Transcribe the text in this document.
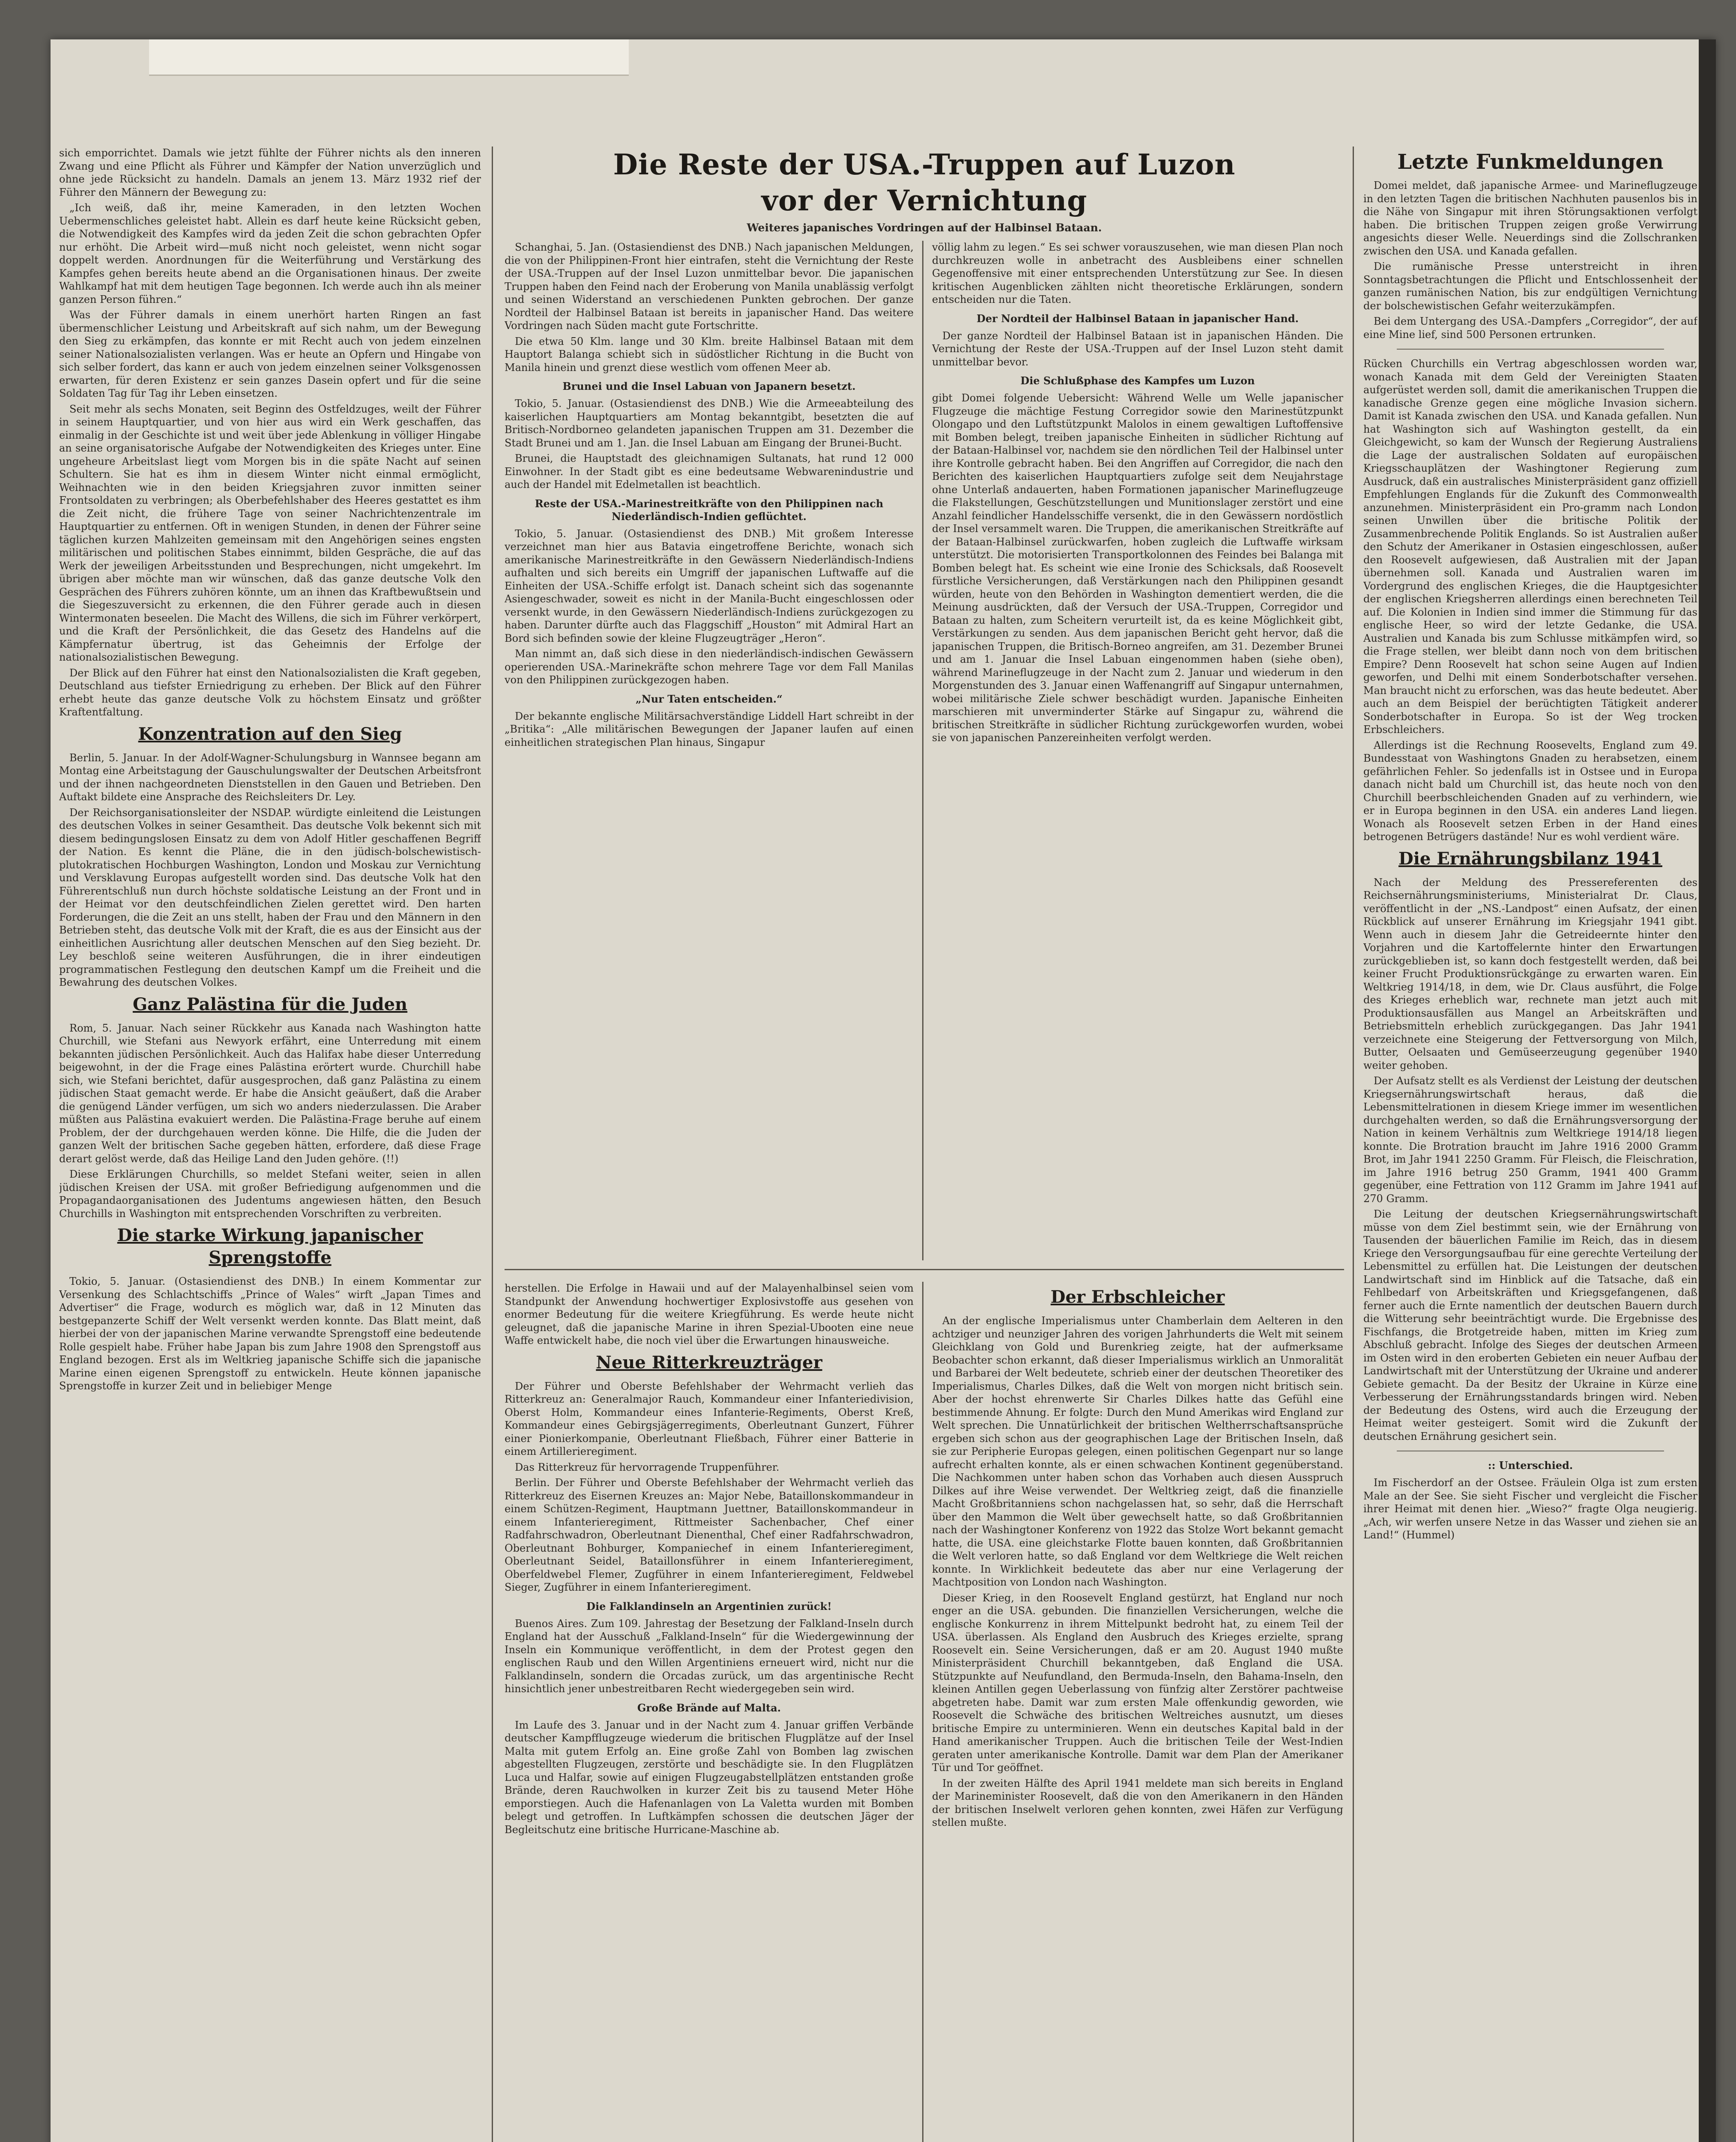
sich emporrichtet. Damals wie jetzt fühlte der Führer nichts als den inneren Zwang und eine Pflicht als Führer und Kämpfer der Nation unverzüglich und ohne jede Rücksicht zu handeln. Damals an jenem 13. März 1932 rief der Führer den Männern der Bewegung zu:

„Ich weiß, daß ihr, meine Kameraden, in den letzten Wochen Uebermenschliches geleistet habt. Allein es darf heute keine Rücksicht geben, die Notwendigkeit des Kampfes wird da jeden Zeit die schon gebrachten Opfer nur erhöht. Die Arbeit wird—muß nicht noch geleistet, wenn nicht sogar doppelt werden. Anordnungen für die Weiterführung und Verstärkung des Kampfes gehen bereits heute abend an die Organisationen hinaus. Der zweite Wahlkampf hat mit dem heutigen Tage begonnen. Ich werde auch ihn als meiner ganzen Person führen.“

Was der Führer damals in einem unerhört harten Ringen an fast übermenschlicher Leistung und Arbeitskraft auf sich nahm, um der Bewegung den Sieg zu erkämpfen, das konnte er mit Recht auch von jedem einzelnen seiner Nationalsozialisten verlangen. Was er heute an Opfern und Hingabe von sich selber fordert, das kann er auch von jedem einzelnen seiner Volksgenossen erwarten, für deren Existenz er sein ganzes Dasein opfert und für die seine Soldaten Tag für Tag ihr Leben einsetzen.

Seit mehr als sechs Monaten, seit Beginn des Ostfeldzuges, weilt der Führer in seinem Hauptquartier, und von hier aus wird ein Werk geschaffen, das einmalig in der Geschichte ist und weit über jede Ablenkung in völliger Hingabe an seine organisatorische Aufgabe der Notwendigkeiten des Krieges unter. Eine ungeheure Arbeitslast liegt vom Morgen bis in die späte Nacht auf seinen Schultern. Sie hat es ihm in diesem Winter nicht einmal ermöglicht, Weihnachten wie in den beiden Kriegsjahren zuvor inmitten seiner Frontsoldaten zu verbringen; als Oberbefehlshaber des Heeres gestattet es ihm die Zeit nicht, die frühere Tage von seiner Nachrichtenzentrale im Hauptquartier zu entfernen. Oft in wenigen Stunden, in denen der Führer seine täglichen kurzen Mahlzeiten gemeinsam mit den Angehörigen seines engsten militärischen und politischen Stabes einnimmt, bilden Gespräche, die auf das Werk der jeweiligen Arbeitsstunden und Besprechungen, nicht umgekehrt. Im übrigen aber möchte man wir wünschen, daß das ganze deutsche Volk den Gesprächen des Führers zuhören könnte, um an ihnen das Kraftbewußtsein und die Siegeszuversicht zu erkennen, die den Führer gerade auch in diesen Wintermonaten beseelen. Die Macht des Willens, die sich im Führer verkörpert, und die Kraft der Persönlichkeit, die das Gesetz des Handelns auf die Kämpfernatur übertrug, ist das Geheimnis der Erfolge der nationalsozialistischen Bewegung.

Der Blick auf den Führer hat einst den Nationalsozialisten die Kraft gegeben, Deutschland aus tiefster Erniedrigung zu erheben. Der Blick auf den Führer erhebt heute das ganze deutsche Volk zu höchstem Einsatz und größter Kraftentfaltung.

Konzentration auf den Sieg

Berlin, 5. Januar. In der Adolf-Wagner-Schulungsburg in Wannsee begann am Montag eine Arbeitstagung der Gauschulungswalter der Deutschen Arbeitsfront und der ihnen nachgeordneten Dienststellen in den Gauen und Betrieben. Den Auftakt bildete eine Ansprache des Reichsleiters Dr. Ley.

Der Reichsorganisationsleiter der NSDAP. würdigte einleitend die Leistungen des deutschen Volkes in seiner Gesamtheit. Das deutsche Volk bekennt sich mit diesem bedingungslosen Einsatz zu dem von Adolf Hitler geschaffenen Begriff der Nation. Es kennt die Pläne, die in den jüdisch-bolschewistisch-plutokratischen Hochburgen Washington, London und Moskau zur Vernichtung und Versklavung Europas aufgestellt worden sind. Das deutsche Volk hat den Führerentschluß nun durch höchste soldatische Leistung an der Front und in der Heimat vor den deutschfeindlichen Zielen gerettet wird. Den harten Forderungen, die die Zeit an uns stellt, haben der Frau und den Männern in den Betrieben steht, das deutsche Volk mit der Kraft, die es aus der Einsicht aus der einheitlichen Ausrichtung aller deutschen Menschen auf den Sieg bezieht. Dr. Ley beschloß seine weiteren Ausführungen, die in ihrer eindeutigen programmatischen Festlegung den deutschen Kampf um die Freiheit und die Bewahrung des deutschen Volkes.

Ganz Palästina für die Juden

Rom, 5. Januar. Nach seiner Rückkehr aus Kanada nach Washington hatte Churchill, wie Stefani aus Newyork erfährt, eine Unterredung mit einem bekannten jüdischen Persönlichkeit. Auch das Halifax habe dieser Unterredung beigewohnt, in der die Frage eines Palästina erörtert wurde. Churchill habe sich, wie Stefani berichtet, dafür ausgesprochen, daß ganz Palästina zu einem jüdischen Staat gemacht werde. Er habe die Ansicht geäußert, daß die Araber die genügend Länder verfügen, um sich wo anders niederzulassen. Die Araber müßten aus Palästina evakuiert werden. Die Palästina-Frage beruhe auf einem Problem, der der durchgehauen werden könne. Die Hilfe, die die Juden der ganzen Welt der britischen Sache gegeben hätten, erfordere, daß diese Frage derart gelöst werde, daß das Heilige Land den Juden gehöre. (!!)

Diese Erklärungen Churchills, so meldet Stefani weiter, seien in allen jüdischen Kreisen der USA. mit großer Befriedigung aufgenommen und die Propagandaorganisationen des Judentums angewiesen hätten, den Besuch Churchills in Washington mit entsprechenden Vorschriften zu verbreiten.

Die starke Wirkung japanischer Sprengstoffe

Tokio, 5. Januar. (Ostasiendienst des DNB.) In einem Kommentar zur Versenkung des Schlachtschiffs „Prince of Wales“ wirft „Japan Times and Advertiser“ die Frage, wodurch es möglich war, daß in 12 Minuten das bestgepanzerte Schiff der Welt versenkt werden konnte. Das Blatt meint, daß hierbei der von der japanischen Marine verwandte Sprengstoff eine bedeutende Rolle gespielt habe. Früher habe Japan bis zum Jahre 1908 den Sprengstoff aus England bezogen. Erst als im Weltkrieg japanische Schiffe sich die japanische Marine einen eigenen Sprengstoff zu entwickeln. Heute können japanische Sprengstoffe in kurzer Zeit und in beliebiger Menge

Die Reste der USA.-Truppen auf Luzon
vor der Vernichtung
Weiteres japanisches Vordringen auf der Halbinsel Bataan.

Schanghai, 5. Jan. (Ostasiendienst des DNB.) Nach japanischen Meldungen, die von der Philippinen-Front hier eintrafen, steht die Vernichtung der Reste der USA.-Truppen auf der Insel Luzon unmittelbar bevor. Die japanischen Truppen haben den Feind nach der Eroberung von Manila unablässig verfolgt und seinen Widerstand an verschiedenen Punkten gebrochen. Der ganze Nordteil der Halbinsel Bataan ist bereits in japanischer Hand. Das weitere Vordringen nach Süden macht gute Fortschritte.

Die etwa 50 Klm. lange und 30 Klm. breite Halbinsel Bataan mit dem Hauptort Balanga schiebt sich in südöstlicher Richtung in die Bucht von Manila hinein und grenzt diese westlich vom offenen Meer ab.

Brunei und die Insel Labuan von Japanern besetzt.

Tokio, 5. Januar. (Ostasiendienst des DNB.) Wie die Armeeabteilung des kaiserlichen Hauptquartiers am Montag bekanntgibt, besetzten die auf Britisch-Nordborneo gelandeten japanischen Truppen am 31. Dezember die Stadt Brunei und am 1. Jan. die Insel Labuan am Eingang der Brunei-Bucht.

Brunei, die Hauptstadt des gleichnamigen Sultanats, hat rund 12 000 Einwohner. In der Stadt gibt es eine bedeutsame Webwarenindustrie und auch der Handel mit Edelmetallen ist beachtlich.

Reste der USA.-Marinestreitkräfte von den Philippinen nach Niederländisch-Indien geflüchtet.

Tokio, 5. Januar. (Ostasiendienst des DNB.) Mit großem Interesse verzeichnet man hier aus Batavia eingetroffene Berichte, wonach sich amerikanische Marinestreitkräfte in den Gewässern Niederländisch-Indiens aufhalten und sich bereits ein Umgriff der japanischen Luftwaffe auf die Einheiten der USA.-Schiffe erfolgt ist. Danach scheint sich das sogenannte Asiengeschwader, soweit es nicht in der Manila-Bucht eingeschlossen oder versenkt wurde, in den Gewässern Niederländisch-Indiens zurückgezogen zu haben. Darunter dürfte auch das Flaggschiff „Houston“ mit Admiral Hart an Bord sich befinden sowie der kleine Flugzeugträger „Heron“.

Man nimmt an, daß sich diese in den niederländisch-indischen Gewässern operierenden USA.-Marinekräfte schon mehrere Tage vor dem Fall Manilas von den Philippinen zurückgezogen haben.

„Nur Taten entscheiden.“

Der bekannte englische Militärsachverständige Liddell Hart schreibt in der „Britika“: „Alle militärischen Bewegungen der Japaner laufen auf einen einheitlichen strategischen Plan hinaus, Singapur

völlig lahm zu legen.“ Es sei schwer vorauszusehen, wie man diesen Plan noch durchkreuzen wolle in anbetracht des Ausbleibens einer schnellen Gegenoffensive mit einer entsprechenden Unterstützung zur See. In diesen kritischen Augenblicken zählten nicht theoretische Erklärungen, sondern entscheiden nur die Taten.

Der Nordteil der Halbinsel Bataan in japanischer Hand.

Der ganze Nordteil der Halbinsel Bataan ist in japanischen Händen. Die Vernichtung der Reste der USA.-Truppen auf der Insel Luzon steht damit unmittelbar bevor.

Die Schlußphase des Kampfes um Luzon

gibt Domei folgende Uebersicht: Während Welle um Welle japanischer Flugzeuge die mächtige Festung Corregidor sowie den Marinestützpunkt Olongapo und den Luftstützpunkt Malolos in einem gewaltigen Luftoffensive mit Bomben belegt, treiben japanische Einheiten in südlicher Richtung auf der Bataan-Halbinsel vor, nachdem sie den nördlichen Teil der Halbinsel unter ihre Kontrolle gebracht haben. Bei den Angriffen auf Corregidor, die nach den Berichten des kaiserlichen Hauptquartiers zufolge seit dem Neujahrstage ohne Unterlaß andauerten, haben Formationen japanischer Marineflugzeuge die Flakstellungen, Geschützstellungen und Munitionslager zerstört und eine Anzahl feindlicher Handelsschiffe versenkt, die in den Gewässern nordöstlich der Insel versammelt waren. Die Truppen, die amerikanischen Streitkräfte auf der Bataan-Halbinsel zurückwarfen, hoben zugleich die Luftwaffe wirksam unterstützt. Die motorisierten Transportkolonnen des Feindes bei Balanga mit Bomben belegt hat. Es scheint wie eine Ironie des Schicksals, daß Roosevelt fürstliche Versicherungen, daß Verstärkungen nach den Philippinen gesandt würden, heute von den Behörden in Washington dementiert werden, die die Meinung ausdrückten, daß der Versuch der USA.-Truppen, Corregidor und Bataan zu halten, zum Scheitern verurteilt ist, da es keine Möglichkeit gibt, Verstärkungen zu senden. Aus dem japanischen Bericht geht hervor, daß die japanischen Truppen, die Britisch-Borneo angreifen, am 31. Dezember Brunei und am 1. Januar die Insel Labuan eingenommen haben (siehe oben), während Marineflugzeuge in der Nacht zum 2. Januar und wiederum in den Morgenstunden des 3. Januar einen Waffenangriff auf Singapur unternahmen, wobei militärische Ziele schwer beschädigt wurden. Japanische Einheiten marschieren mit unverminderter Stärke auf Singapur zu, während die britischen Streitkräfte in südlicher Richtung zurückgeworfen wurden, wobei sie von japanischen Panzereinheiten verfolgt werden.

herstellen. Die Erfolge in Hawaii und auf der Malayenhalbinsel seien vom Standpunkt der Anwendung hochwertiger Explosivstoffe aus gesehen von enormer Bedeutung für die weitere Kriegführung. Es werde heute nicht geleugnet, daß die japanische Marine in ihren Spezial-Ubooten eine neue Waffe entwickelt habe, die noch viel über die Erwartungen hinausweiche.

Neue Ritterkreuzträger

Der Führer und Oberste Befehlshaber der Wehrmacht verlieh das Ritterkreuz an: Generalmajor Rauch, Kommandeur einer Infanteriedivision, Oberst Holm, Kommandeur eines Infanterie-Regiments, Oberst Kreß, Kommandeur eines Gebirgsjägerregiments, Oberleutnant Gunzert, Führer einer Pionierkompanie, Oberleutnant Fließbach, Führer einer Batterie in einem Artillerieregiment.

Das Ritterkreuz für hervorragende Truppenführer.

Berlin. Der Führer und Oberste Befehlshaber der Wehrmacht verlieh das Ritterkreuz des Eisernen Kreuzes an: Major Nebe, Bataillonskommandeur in einem Schützen-Regiment, Hauptmann Juettner, Bataillonskommandeur in einem Infanterieregiment, Rittmeister Sachenbacher, Chef einer Radfahrschwadron, Oberleutnant Dienenthal, Chef einer Radfahrschwadron, Oberleutnant Bohburger, Kompaniechef in einem Infanterieregiment, Oberleutnant Seidel, Bataillonsführer in einem Infanterieregiment, Oberfeldwebel Flemer, Zugführer in einem Infanterieregiment, Feldwebel Sieger, Zugführer in einem Infanterieregiment.

Die Falklandinseln an Argentinien zurück!

Buenos Aires. Zum 109. Jahrestag der Besetzung der Falkland-Inseln durch England hat der Ausschuß „Falkland-Inseln“ für die Wiedergewinnung der Inseln ein Kommunique veröffentlicht, in dem der Protest gegen den englischen Raub und den Willen Argentiniens erneuert wird, nicht nur die Falklandinseln, sondern die Orcadas zurück, um das argentinische Recht hinsichtlich jener unbestreitbaren Recht wiedergegeben sein wird.

Große Brände auf Malta.

Im Laufe des 3. Januar und in der Nacht zum 4. Januar griffen Verbände deutscher Kampfflugzeuge wiederum die britischen Flugplätze auf der Insel Malta mit gutem Erfolg an. Eine große Zahl von Bomben lag zwischen abgestellten Flugzeugen, zerstörte und beschädigte sie. In den Flugplätzen Luca und Halfar, sowie auf einigen Flugzeugabstellplätzen entstanden große Brände, deren Rauchwolken in kurzer Zeit bis zu tausend Meter Höhe emporstiegen. Auch die Hafenanlagen von La Valetta wurden mit Bomben belegt und getroffen. In Luftkämpfen schossen die deutschen Jäger der Begleitschutz eine britische Hurricane-Maschine ab.

Der Erbschleicher

An der englische Imperialismus unter Chamberlain dem Aelteren in den achtziger und neunziger Jahren des vorigen Jahrhunderts die Welt mit seinem Gleichklang von Gold und Burenkrieg zeigte, hat der aufmerksame Beobachter schon erkannt, daß dieser Imperialismus wirklich an Unmoralität und Barbarei der Welt bedeutete, schrieb einer der deutschen Theoretiker des Imperialismus, Charles Dilkes, daß die Welt von morgen nicht britisch sein. Aber der hochst ehrenwerte Sir Charles Dilkes hatte das Gefühl eine bestimmende Ahnung. Er folgte: Durch den Mund Amerikas wird England zur Welt sprechen. Die Unnatürlichkeit der britischen Weltherrschaftsansprüche ergeben sich schon aus der geographischen Lage der Britischen Inseln, daß sie zur Peripherie Europas gelegen, einen politischen Gegenpart nur so lange aufrecht erhalten konnte, als er einen schwachen Kontinent gegenüberstand. Die Nachkommen unter haben schon das Vorhaben auch diesen Ausspruch Dilkes auf ihre Weise verwendet. Der Weltkrieg zeigt, daß die finanzielle Macht Großbritanniens schon nachgelassen hat, so sehr, daß die Herrschaft über den Mammon die Welt über gewechselt hatte, so daß Großbritannien nach der Washingtoner Konferenz von 1922 das Stolze Wort bekannt gemacht hatte, die USA. eine gleichstarke Flotte bauen konnten, daß Großbritannien die Welt verloren hatte, so daß England vor dem Weltkriege die Welt reichen konnte. In Wirklichkeit bedeutete das aber nur eine Verlagerung der Machtposition von London nach Washington.

Dieser Krieg, in den Roosevelt England gestürzt, hat England nur noch enger an die USA. gebunden. Die finanziellen Versicherungen, welche die englische Konkurrenz in ihrem Mittelpunkt bedroht hat, zu einem Teil der USA. überlassen. Als England den Ausbruch des Krieges erzielte, sprang Roosevelt ein. Seine Versicherungen, daß er am 20. August 1940 mußte Ministerpräsident Churchill bekanntgeben, daß England die USA. Stützpunkte auf Neufundland, den Bermuda-Inseln, den Bahama-Inseln, den kleinen Antillen gegen Ueberlassung von fünfzig alter Zerstörer pachtweise abgetreten habe. Damit war zum ersten Male offenkundig geworden, wie Roosevelt die Schwäche des britischen Weltreiches ausnutzt, um dieses britische Empire zu unterminieren. Wenn ein deutsches Kapital bald in der Hand amerikanischer Truppen. Auch die britischen Teile der West-Indien geraten unter amerikanische Kontrolle. Damit war dem Plan der Amerikaner Tür und Tor geöffnet.

In der zweiten Hälfte des April 1941 meldete man sich bereits in England der Marineminister Roosevelt, daß die von den Amerikanern in den Händen der britischen Inselwelt verloren gehen konnten, zwei Häfen zur Verfügung stellen mußte.

Letzte Funkmeldungen

Domei meldet, daß japanische Armee- und Marineflugzeuge in den letzten Tagen die britischen Nachhuten pausenlos bis in die Nähe von Singapur mit ihren Störungsaktionen verfolgt haben. Die britischen Truppen zeigen große Verwirrung angesichts dieser Welle. Neuerdings sind die Zollschranken zwischen den USA. und Kanada gefallen.

Die rumänische Presse unterstreicht in ihren Sonntagsbetrachtungen die Pflicht und Entschlossenheit der ganzen rumänischen Nation, bis zur endgültigen Vernichtung der bolschewistischen Gefahr weiterzukämpfen.

Bei dem Untergang des USA.-Dampfers „Corregidor“, der auf eine Mine lief, sind 500 Personen ertrunken.

Rücken Churchills ein Vertrag abgeschlossen worden war, wonach Kanada mit dem Geld der Vereinigten Staaten aufgerüstet werden soll, damit die amerikanischen Truppen die kanadische Grenze gegen eine mögliche Invasion sichern. Damit ist Kanada zwischen den USA. und Kanada gefallen. Nun hat Washington sich auf Washington gestellt, da ein Gleichgewicht, so kam der Wunsch der Regierung Australiens die Lage der australischen Soldaten auf europäischen Kriegsschauplätzen der Washingtoner Regierung zum Ausdruck, daß ein australisches Ministerpräsident ganz offiziell Empfehlungen Englands für die Zukunft des Commonwealth anzunehmen. Ministerpräsident ein Pro-gramm nach London seinen Unwillen über die britische Politik der Zusammenbrechende Politik Englands. So ist Australien außer den Schutz der Amerikaner in Ostasien eingeschlossen, außer den Roosevelt aufgewiesen, daß Australien mit der Japan übernehmen soll. Kanada und Australien waren im Vordergrund des englischen Krieges, die die Hauptgesichter der englischen Kriegsherren allerdings einen berechneten Teil auf. Die Kolonien in Indien sind immer die Stimmung für das englische Heer, so wird der letzte Gedanke, die USA. Australien und Kanada bis zum Schlusse mitkämpfen wird, so die Frage stellen, wer bleibt dann noch von dem britischen Empire? Denn Roosevelt hat schon seine Augen auf Indien geworfen, und Delhi mit einem Sonderbotschafter versehen. Man braucht nicht zu erforschen, was das heute bedeutet. Aber auch an dem Beispiel der berüchtigten Tätigkeit anderer Sonderbotschafter in Europa. So ist der Weg trocken Erbschleichers.

Allerdings ist die Rechnung Roosevelts, England zum 49. Bundesstaat von Washingtons Gnaden zu herabsetzen, einem gefährlichen Fehler. So jedenfalls ist in Ostsee und in Europa danach nicht bald um Churchill ist, das heute noch von den Churchill beerbschleichenden Gnaden auf zu verhindern, wie er in Europa beginnen in den USA. ein anderes Land liegen. Wonach als Roosevelt setzen Erben in der Hand eines betrogenen Betrügers dastände! Nur es wohl verdient wäre.

Die Ernährungsbilanz 1941

Nach der Meldung des Pressereferenten des Reichsernährungsministeriums, Ministerialrat Dr. Claus, veröffentlicht in der „NS.-Landpost“ einen Aufsatz, der einen Rückblick auf unserer Ernährung im Kriegsjahr 1941 gibt. Wenn auch in diesem Jahr die Getreideernte hinter den Vorjahren und die Kartoffelernte hinter den Erwartungen zurückgeblieben ist, so kann doch festgestellt werden, daß bei keiner Frucht Produktionsrückgänge zu erwarten waren. Ein Weltkrieg 1914/18, in dem, wie Dr. Claus ausführt, die Folge des Krieges erheblich war, rechnete man jetzt auch mit Produktionsausfällen aus Mangel an Arbeitskräften und Betriebsmitteln erheblich zurückgegangen. Das Jahr 1941 verzeichnete eine Steigerung der Fettversorgung von Milch, Butter, Oelsaaten und Gemüseerzeugung gegenüber 1940 weiter gehoben.

Der Aufsatz stellt es als Verdienst der Leistung der deutschen Kriegsernährungswirtschaft heraus, daß die Lebensmittelrationen in diesem Kriege immer im wesentlichen durchgehalten werden, so daß die Ernährungsversorgung der Nation in keinem Verhältnis zum Weltkriege 1914/18 liegen konnte. Die Brotration braucht im Jahre 1916 2000 Gramm Brot, im Jahr 1941 2250 Gramm. Für Fleisch, die Fleischration, im Jahre 1916 betrug 250 Gramm, 1941 400 Gramm gegenüber, eine Fettration von 112 Gramm im Jahre 1941 auf 270 Gramm.

Die Leitung der deutschen Kriegsernährungswirtschaft müsse von dem Ziel bestimmt sein, wie der Ernährung von Tausenden der bäuerlichen Familie im Reich, das in diesem Kriege den Versorgungsaufbau für eine gerechte Verteilung der Lebensmittel zu erfüllen hat. Die Leistungen der deutschen Landwirtschaft sind im Hinblick auf die Tatsache, daß ein Fehlbedarf von Arbeitskräften und Kriegsgefangenen, daß ferner auch die Ernte namentlich der deutschen Bauern durch die Witterung sehr beeinträchtigt wurde. Die Ergebnisse des Fischfangs, die Brotgetreide haben, mitten im Krieg zum Abschluß gebracht. Infolge des Sieges der deutschen Armeen im Osten wird in den eroberten Gebieten ein neuer Aufbau der Landwirtschaft mit der Unterstützung der Ukraine und anderer Gebiete gemacht. Da der Besitz der Ukraine in Kürze eine Verbesserung der Ernährungsstandards bringen wird. Neben der Bedeutung des Ostens, wird auch die Erzeugung der Heimat weiter gesteigert. Somit wird die Zukunft der deutschen Ernährung gesichert sein.

:: Unterschied.

Im Fischerdorf an der Ostsee. Fräulein Olga ist zum ersten Male an der See. Sie sieht Fischer und vergleicht die Fischer ihrer Heimat mit denen hier. „Wieso?“ fragte Olga neugierig. „Ach, wir werfen unsere Netze in das Wasser und ziehen sie an Land!“ (Hummel)
